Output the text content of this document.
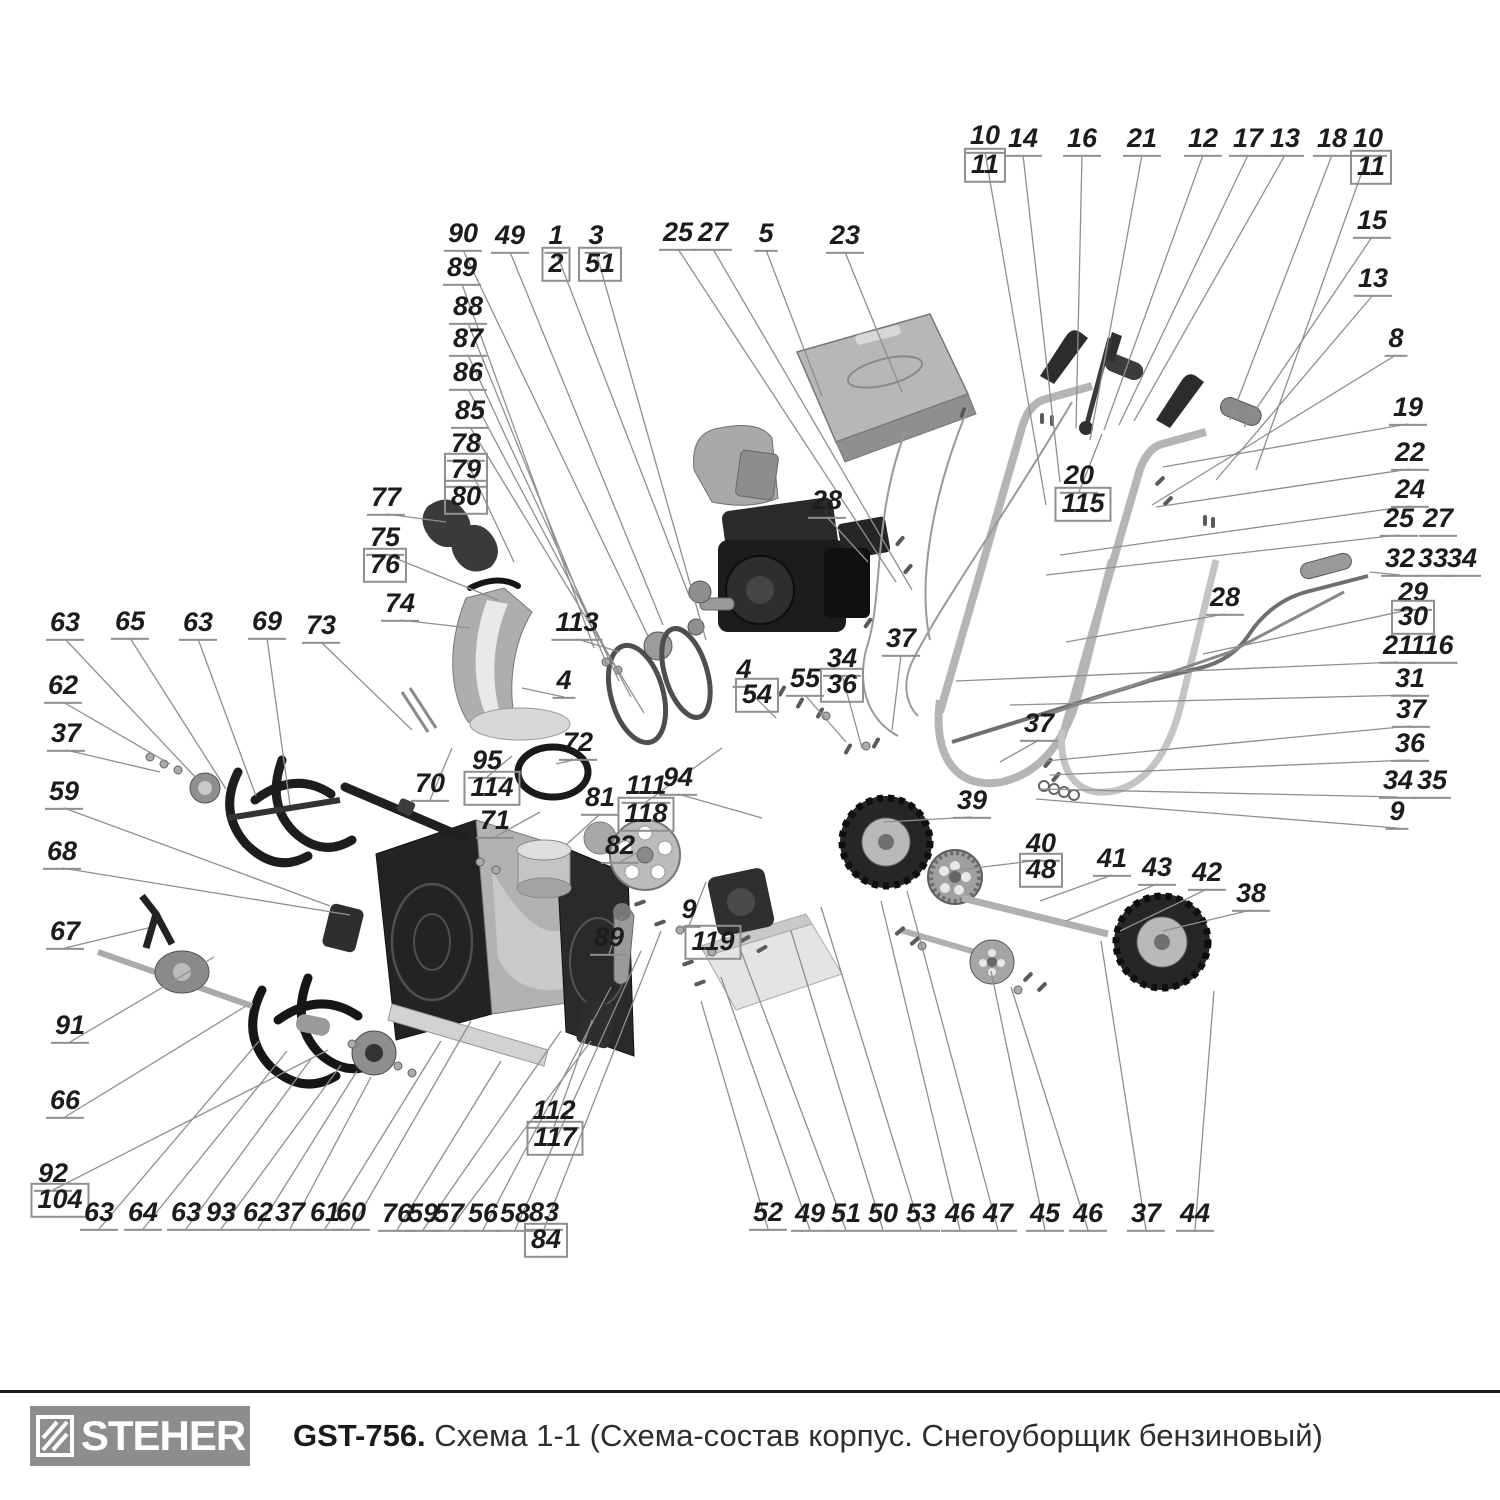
90 49 1
2
3
51
25 27 5 23
89
88
87
86
85
78
79
80
77
75
76
74
63 65 63 69 73
62
37
59
68
67
91
66
92
104
113
4
95
114
70
72
71
81 111
118
94
82
4
54
89
9
119
112
117
28
55
34
36
37
37
20
115
10
11
14 16 21 12 17 13 18 10
11
15
13
8
19
22
24
25 27
32 33
34
29
30
28
21
116
31
37
36
34 35
9
39
40
48 41 43 42
38
63 64 63 93 62 37 61
60 76
59
57 56 58
83
84
52 49 51 50 53 46 47 45 46 37 44
STEHER GST-756. Схема 1-1 (Схема-состав корпус. Снегоуборщик бензиновый)
